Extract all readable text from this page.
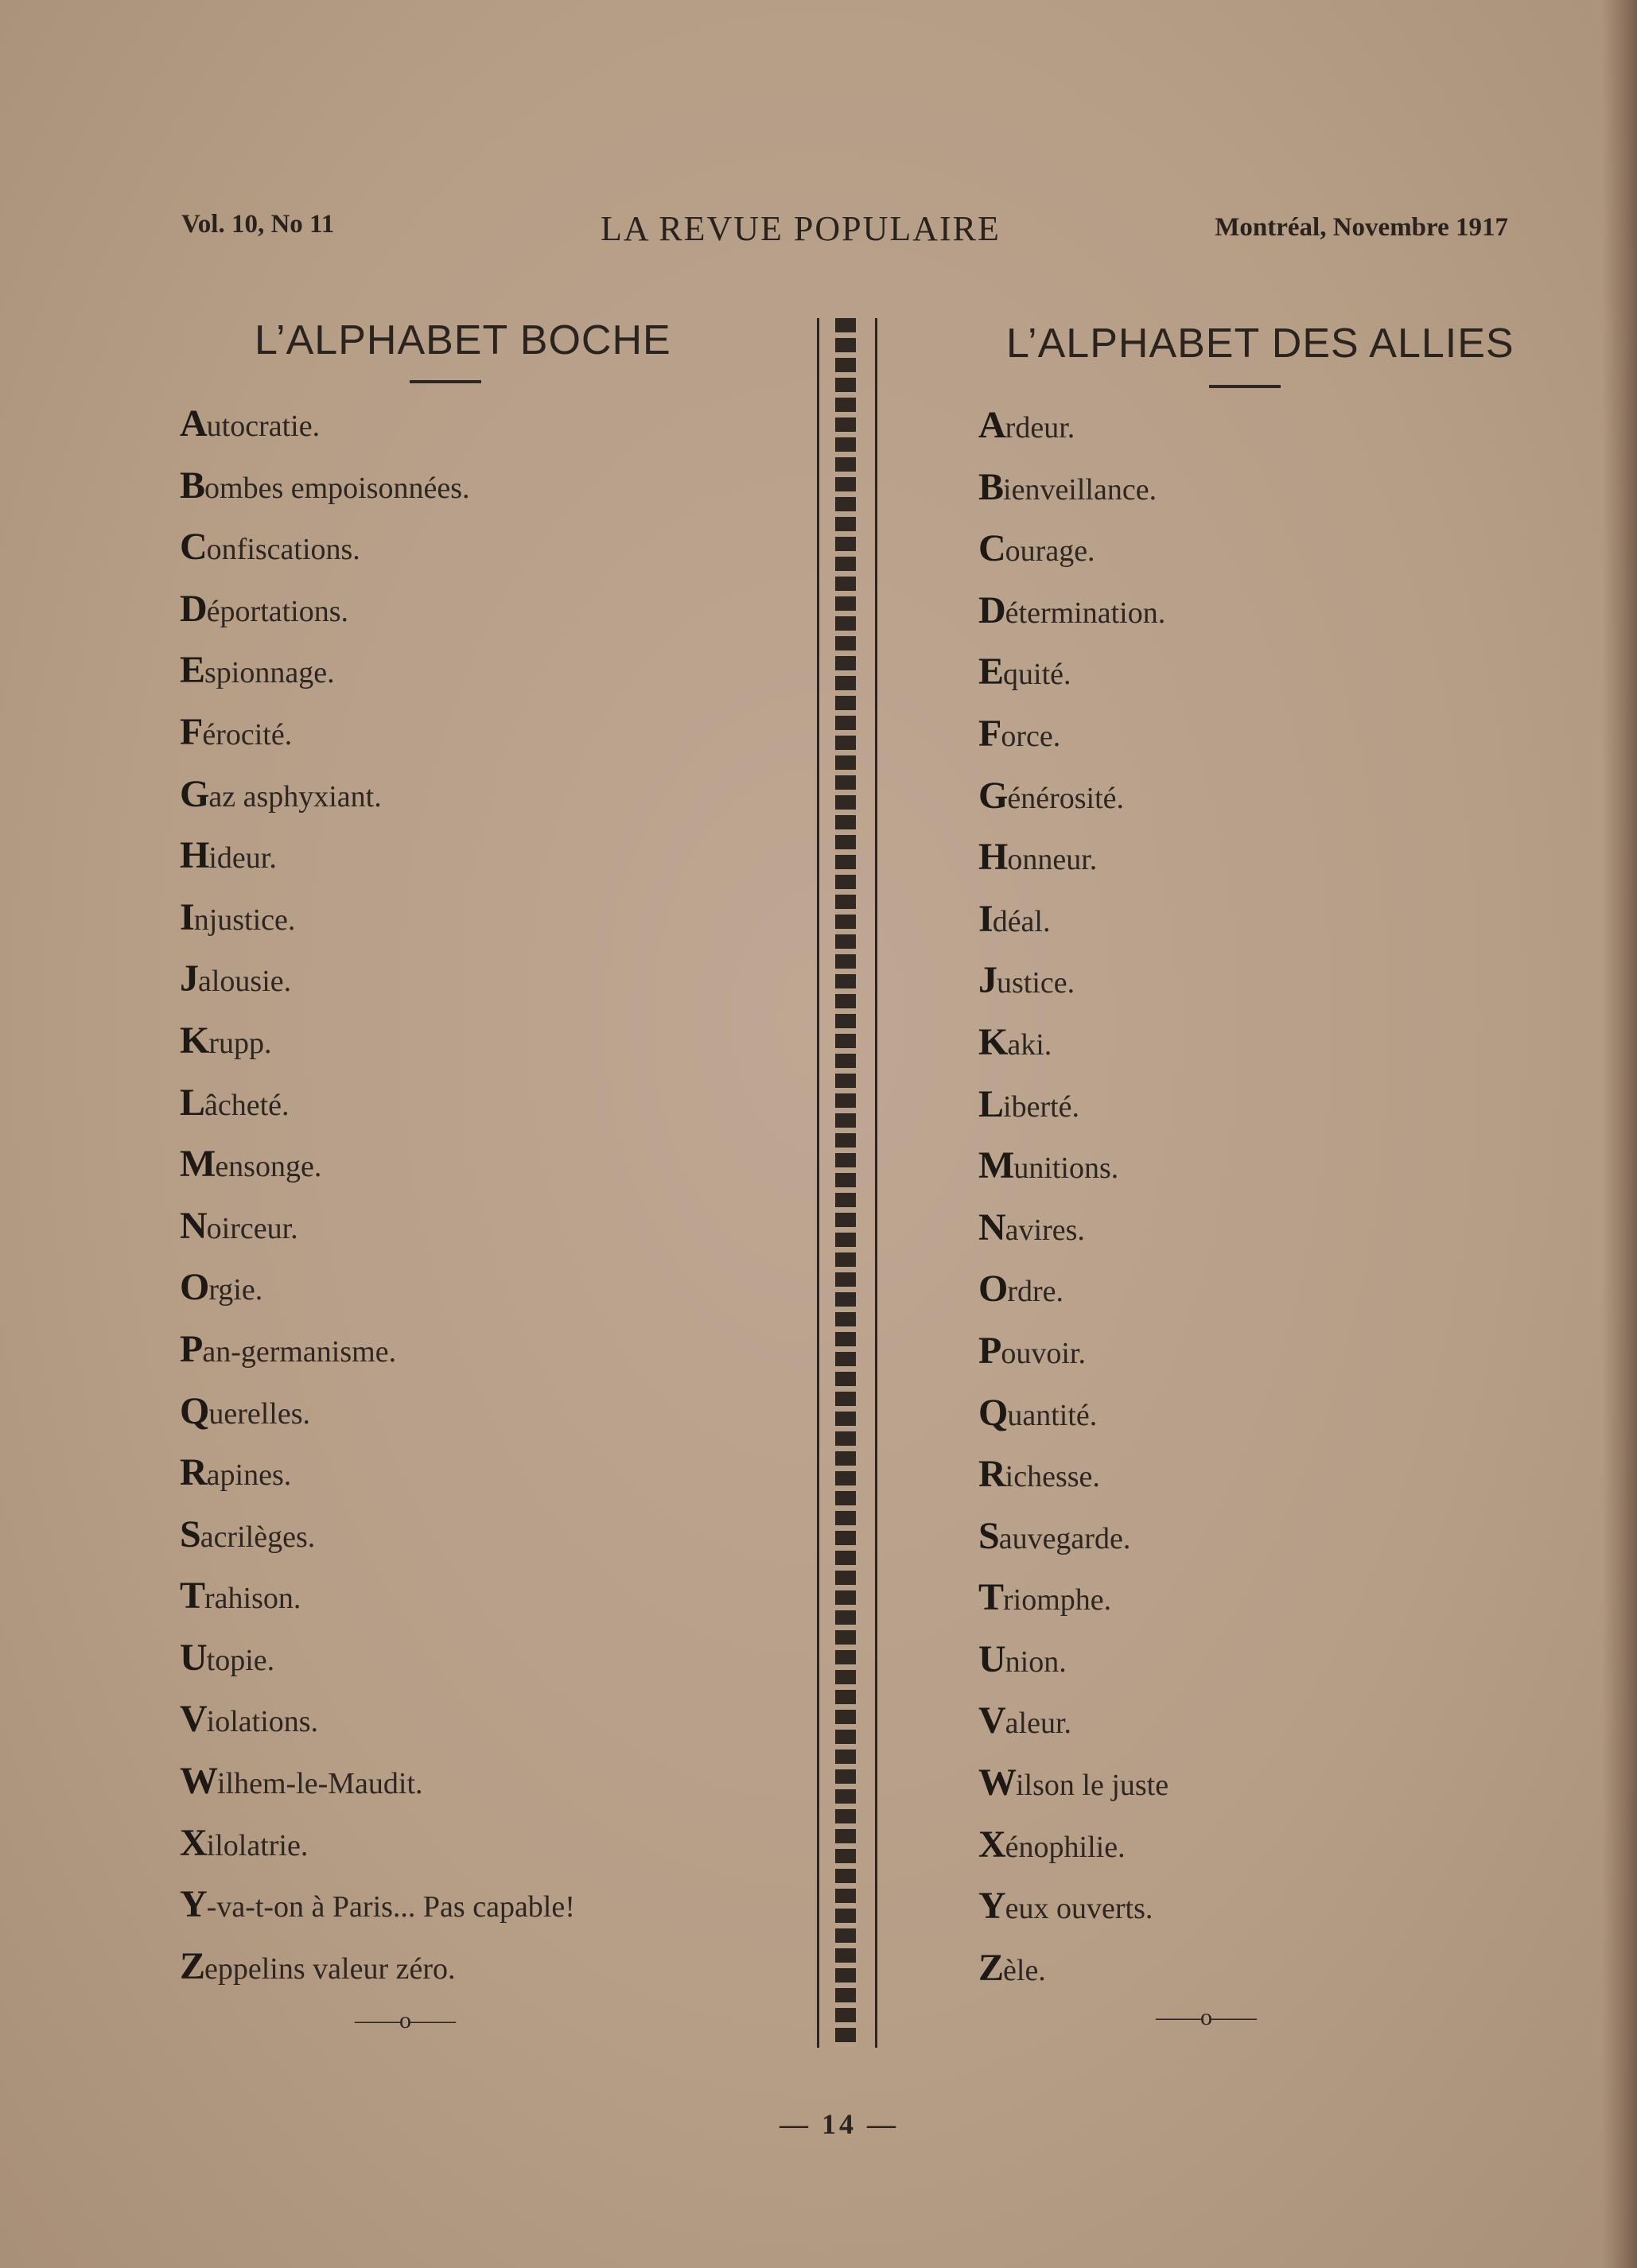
Vol. 10, No 11	LA REVUE POPULAIRE	Montréal, Novembre 1917
L’ALPHABET BOCHE	L’ALPHABET DES ALLIES
Autocratie.
Bombes empoisonnées.
Confiscations.
Déportations.
Espionnage.
Férocité.
Gaz asphyxiant.
Hideur.
Injustice.
Jalousie.
Krupp.
Lâcheté.
Mensonge.
Noirceur.
Orgie.
Pan-germanisme.
Querelles.
Rapines.
Sacrilèges.
Trahison.
Utopie.
Violations.
Wilhem-le-Maudit.
Xilolatrie.
Y-va-t-on à Paris... Pas capable!
Zeppelins valeur zéro.
Ardeur.
Bienveillance.
Courage.
Détermination.
Equité.
Force.
Générosité.
Honneur.
Idéal.
Justice.
Kaki.
Liberté.
Munitions.
Navires.
Ordre.
Pouvoir.
Quantité.
Richesse.
Sauvegarde.
Triomphe.
Union.
Valeur.
Wilson le juste
Xénophilie.
Yeux ouverts.
Zèle.
——o——	——o——
— 14 —
